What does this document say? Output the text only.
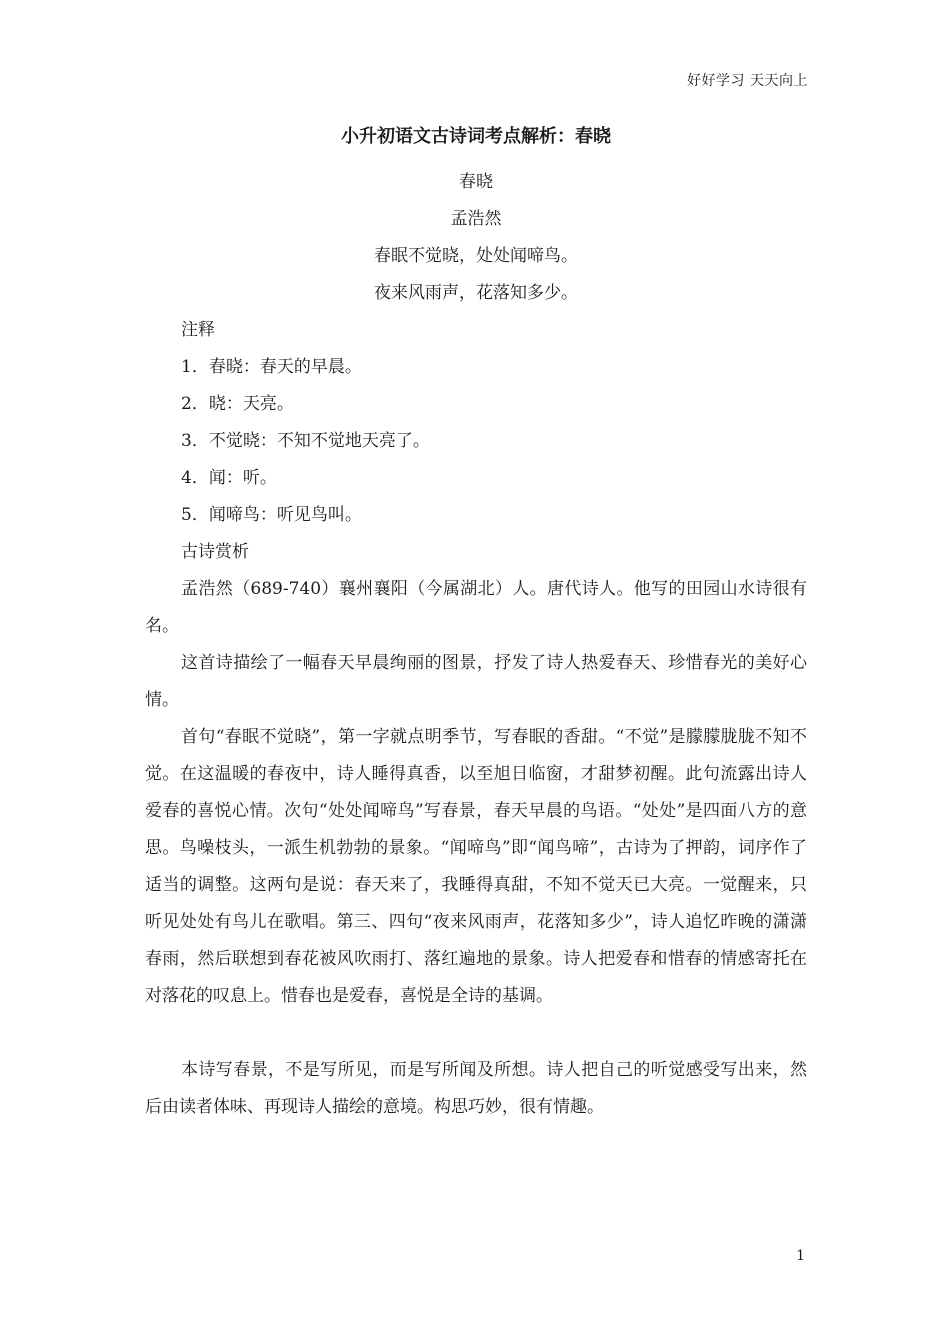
好好学习 天天向上
小升初语文古诗词考点解析：春晓
春晓
孟浩然
春眠不觉晓，处处闻啼鸟。
夜来风雨声，花落知多少。
注释
1．春晓：春天的早晨。
2．晓：天亮。
3．不觉晓：不知不觉地天亮了。
4．闻：听。
5．闻啼鸟：听见鸟叫。
古诗赏析

孟浩然（689-740）襄州襄阳（今属湖北）人。唐代诗人。他写的田园山水诗很有名。

这首诗描绘了一幅春天早晨绚丽的图景，抒发了诗人热爱春天、珍惜春光的美好心情。

首句“春眠不觉晓”，第一字就点明季节，写春眠的香甜。“不觉”是朦朦胧胧不知不觉。在这温暖的春夜中，诗人睡得真香，以至旭日临窗，才甜梦初醒。此句流露出诗人爱春的喜悦心情。次句“处处闻啼鸟”写春景，春天早晨的鸟语。“处处”是四面八方的意思。鸟噪枝头，一派生机勃勃的景象。“闻啼鸟”即“闻鸟啼”，古诗为了押韵，词序作了适当的调整。这两句是说：春天来了，我睡得真甜，不知不觉天已大亮。一觉醒来，只听见处处有鸟儿在歌唱。第三、四句“夜来风雨声，花落知多少”，诗人追忆昨晚的潇潇春雨，然后联想到春花被风吹雨打、落红遍地的景象。诗人把爱春和惜春的情感寄托在对落花的叹息上。惜春也是爱春，喜悦是全诗的基调。

本诗写春景，不是写所见，而是写所闻及所想。诗人把自己的听觉感受写出来，然后由读者体味、再现诗人描绘的意境。构思巧妙，很有情趣。

1
